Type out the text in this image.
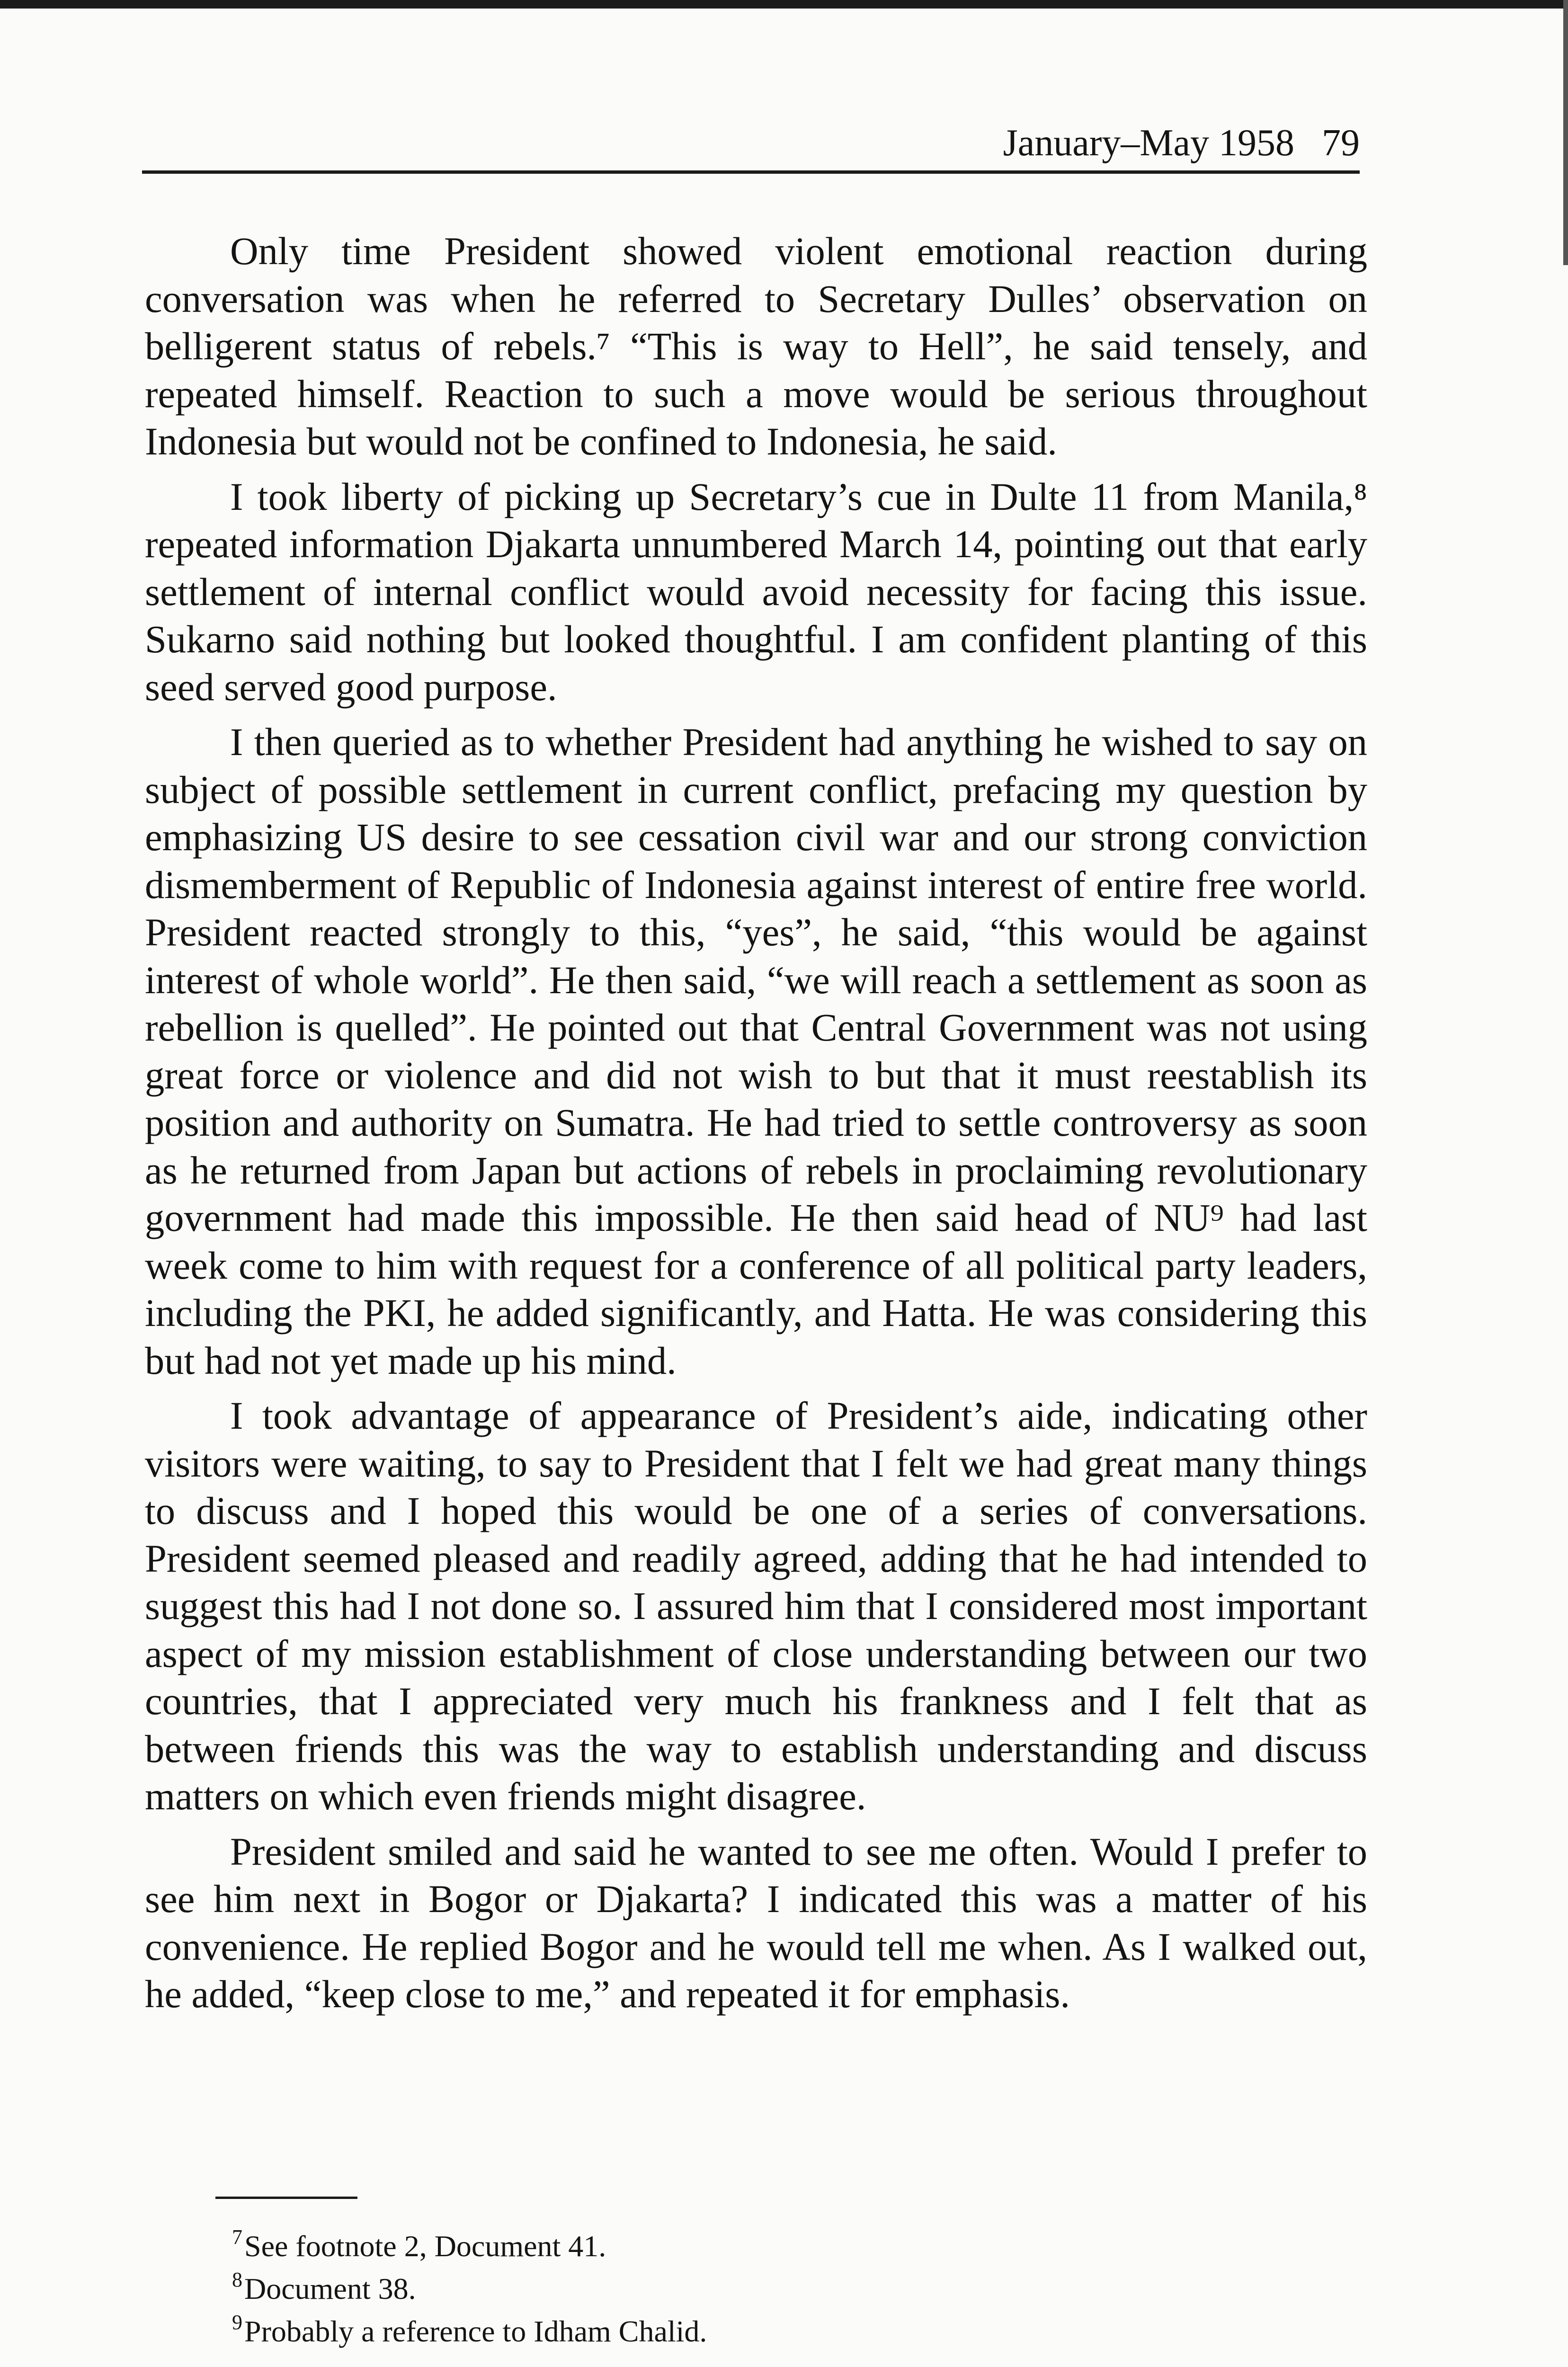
January–May 1958 79

Only time President showed violent emotional reaction during conversation was when he referred to Secretary Dulles’ observation on belligerent status of rebels.⁷ “This is way to Hell”, he said tensely, and repeated himself. Reaction to such a move would be serious throughout Indonesia but would not be confined to Indonesia, he said.

I took liberty of picking up Secretary’s cue in Dulte 11 from Manila,⁸ repeated information Djakarta unnumbered March 14, pointing out that early settlement of internal conflict would avoid necessity for facing this issue. Sukarno said nothing but looked thoughtful. I am confident planting of this seed served good purpose.

I then queried as to whether President had anything he wished to say on subject of possible settlement in current conflict, prefacing my question by emphasizing US desire to see cessation civil war and our strong conviction dismemberment of Republic of Indonesia against interest of entire free world. President reacted strongly to this, “yes”, he said, “this would be against interest of whole world”. He then said, “we will reach a settlement as soon as rebellion is quelled”. He pointed out that Central Government was not using great force or violence and did not wish to but that it must reestablish its position and authority on Sumatra. He had tried to settle controversy as soon as he returned from Japan but actions of rebels in proclaiming revolutionary government had made this impossible. He then said head of NU⁹ had last week come to him with request for a conference of all political party leaders, including the PKI, he added significantly, and Hatta. He was considering this but had not yet made up his mind.

I took advantage of appearance of President’s aide, indicating other visitors were waiting, to say to President that I felt we had great many things to discuss and I hoped this would be one of a series of conversations. President seemed pleased and readily agreed, adding that he had intended to suggest this had I not done so. I assured him that I considered most important aspect of my mission establishment of close understanding between our two countries, that I appreciated very much his frankness and I felt that as between friends this was the way to establish understanding and discuss matters on which even friends might disagree.

President smiled and said he wanted to see me often. Would I prefer to see him next in Bogor or Djakarta? I indicated this was a matter of his convenience. He replied Bogor and he would tell me when. As I walked out, he added, “keep close to me,” and repeated it for emphasis.

$^7$See footnote 2, Document 41.

$^8$Document 38.

$^9$Probably a reference to Idham Chalid.
